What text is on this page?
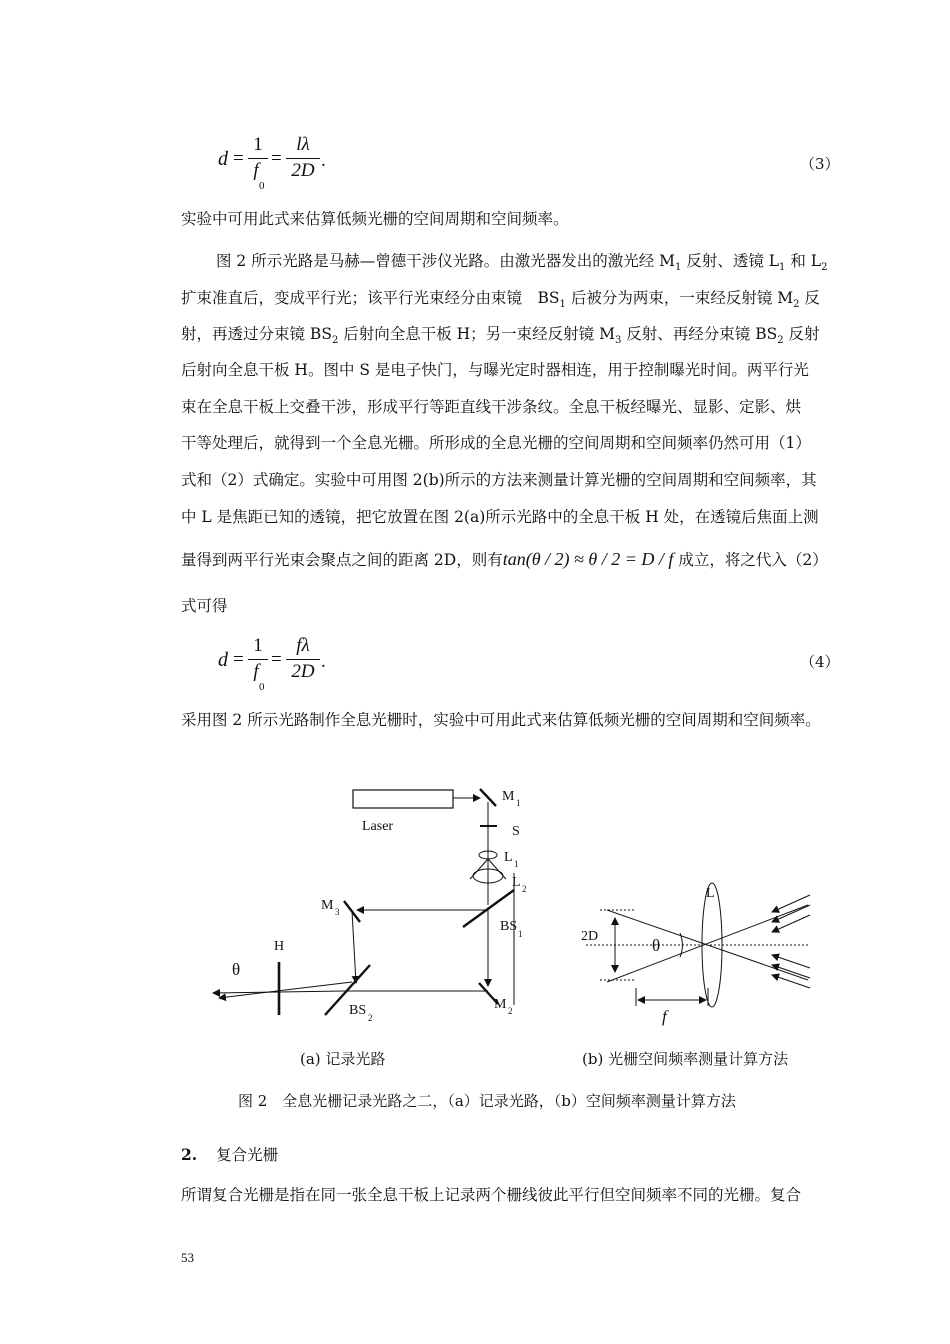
d =
1
f
0
=
lλ
2D .	（3）
实验中可用此式来估算低频光栅的空间周期和空间频率。
图 2 所示光路是马赫—曾德干涉仪光路。由激光器发出的激光经 $M_1$ 反射、透镜 $L_1$ 和 $L_2$
扩束准直后，变成平行光；该平行光束经分由束镜　$BS_1$ 后被分为两束，一束经反射镜 $M_2$ 反
射，再透过分束镜 $BS_2$ 后射向全息干板 H；另一束经反射镜 $M_3$ 反射、再经分束镜 $BS_2$ 反射
后射向全息干板 H。图中 S 是电子快门，与曝光定时器相连，用于控制曝光时间。两平行光
束在全息干板上交叠干涉，形成平行等距直线干涉条纹。全息干板经曝光、显影、定影、烘
干等处理后，就得到一个全息光栅。所形成的全息光栅的空间周期和空间频率仍然可用（1）
式和（2）式确定。实验中可用图 2(b)所示的方法来测量计算光栅的空间周期和空间频率，其
中 L 是焦距已知的透镜，把它放置在图 2(a)所示光路中的全息干板 H 处，在透镜后焦面上测
量得到两平行光束会聚点之间的距离 2D，则有tan(θ / 2) ≈ θ / 2 = D / f 成立，将之代入（2）
式可得
d =
1
f
0
=
fλ
2D .	（4）
采用图 2 所示光路制作全息光栅时，实验中可用此式来估算低频光栅的空间周期和空间频率。
Laser
M 1
S
L 1
L 2
M 3
BS 1
H
θ
BS 2
M 2
L
2D	θ
f
(a) 记录光路	(b) 光栅空间频率测量计算方法
图 2　全息光栅记录光路之二，（a）记录光路，（b）空间频率测量计算方法
2. 复合光栅
所谓复合光栅是指在同一张全息干板上记录两个栅线彼此平行但空间频率不同的光栅。复合
53
